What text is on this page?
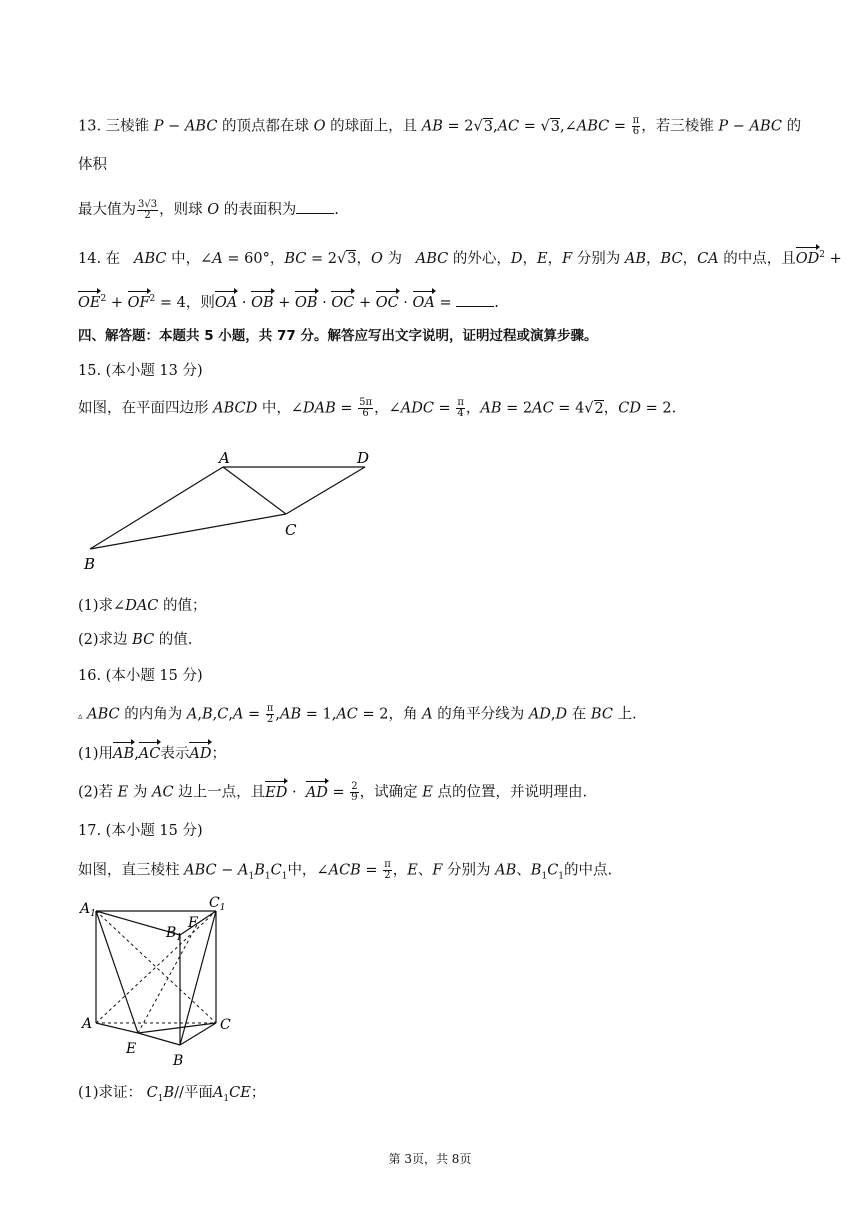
13. 三棱锥 P − ABC 的顶点都在球 O 的球面上，且 AB = 2√3,AC = √3,∠ABC = $\frac{\pi}{6}$ ，若三棱锥 P − ABC 的
体积
最大值为 $\frac{3√3}{2}$ ，则球 O 的表面积为	.
14. 在 ABC 中，∠A = 60°，BC = 2√3，O 为 ABC 的外心，D，E，F 分别为 AB，BC，CA 的中点，且$OD^2$ +
$OE^2 + OF^2 = 4$，则OA · OB + OB · OC + OC · OA =	.
四、解答题：本题共 5 小题，共 77 分。解答应写出文字说明，证明过程或演算步骤。
15. (本小题 13 分)
如图，在平面四边形 ABCD 中，∠DAB = $\frac{5\pi}{6}$ ，∠ADC = $\frac{\pi}{4}$ ，AB = 2AC = 4√2，CD = 2.
A	D
C
B
(1)求∠DAC 的值；
(2)求边 BC 的值.
16. (本小题 15 分)
▵ ABC 的内角为 $A,B,C,A = \frac{\pi}{2} ,AB = 1,AC = 2$，角 A 的角平分线为 AD,D 在 BC 上.
(1)用AB,AC表示AD；
(2)若 E 为 AC 边上一点，且ED ·  AD = $\frac{2}{9}$ ，试确定 E 点的位置，并说明理由.
17. (本小题 15 分)
如图，直三棱柱 ABC − $A_1B_1C_1$中，∠ACB = $\frac{\pi}{2}$ ，E、F 分别为 AB、$B_1C_1$的中点.
$A_1$
$C_1$
$B_1$
F
A	C
E
B
(1)求证： $C_1B//$平面$A_1CE$；
第 3页，共 8页
